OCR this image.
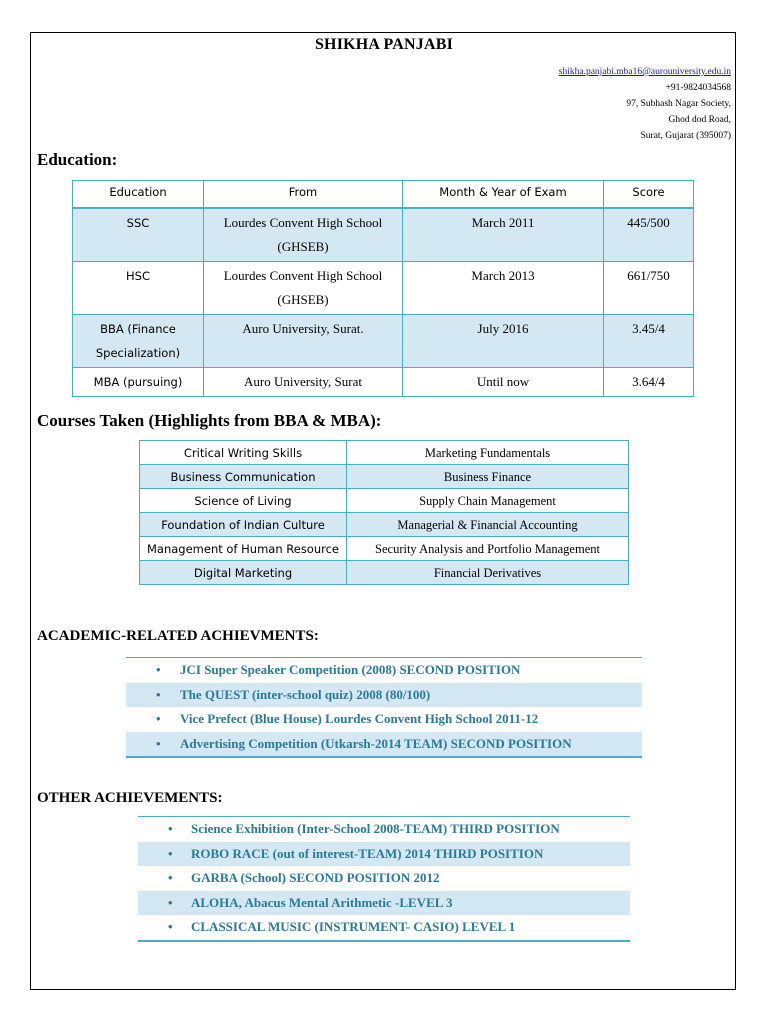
SHIKHA PANJABI
shikha.panjabi.mba16@aurouniversity.edu.in
+91-9824034568
97, Subhash Nagar Society,
Ghod dod Road,
Surat, Gujarat (395007)
Education:
Education	From	Month & Year of Exam	Score
SSC	Lourdes Convent High School (GHSEB)	March 2011	445/500
HSC	Lourdes Convent High School (GHSEB)	March 2013	661/750
BBA (Finance Specialization)	Auro University, Surat.	July 2016	3.45/4
MBA (pursuing)	Auro University, Surat	Until now	3.64/4
Courses Taken (Highlights from BBA & MBA):
Critical Writing Skills	Marketing Fundamentals
Business Communication	Business Finance
Science of Living	Supply Chain Management
Foundation of Indian Culture	Managerial & Financial Accounting
Management of Human Resource	Security Analysis and Portfolio Management
Digital Marketing	Financial Derivatives
ACADEMIC-RELATED ACHIEVMENTS:
• JCI Super Speaker Competition (2008) SECOND POSITION
• The QUEST (inter-school quiz) 2008 (80/100)
• Vice Prefect (Blue House) Lourdes Convent High School 2011-12
• Advertising Competition (Utkarsh-2014 TEAM) SECOND POSITION
OTHER ACHIEVEMENTS:
• Science Exhibition (Inter-School 2008-TEAM) THIRD POSITION
• ROBO RACE (out of interest-TEAM) 2014 THIRD POSITION
• GARBA (School) SECOND POSITION 2012
• ALOHA, Abacus Mental Arithmetic -LEVEL 3
• CLASSICAL MUSIC (INSTRUMENT- CASIO) LEVEL 1
